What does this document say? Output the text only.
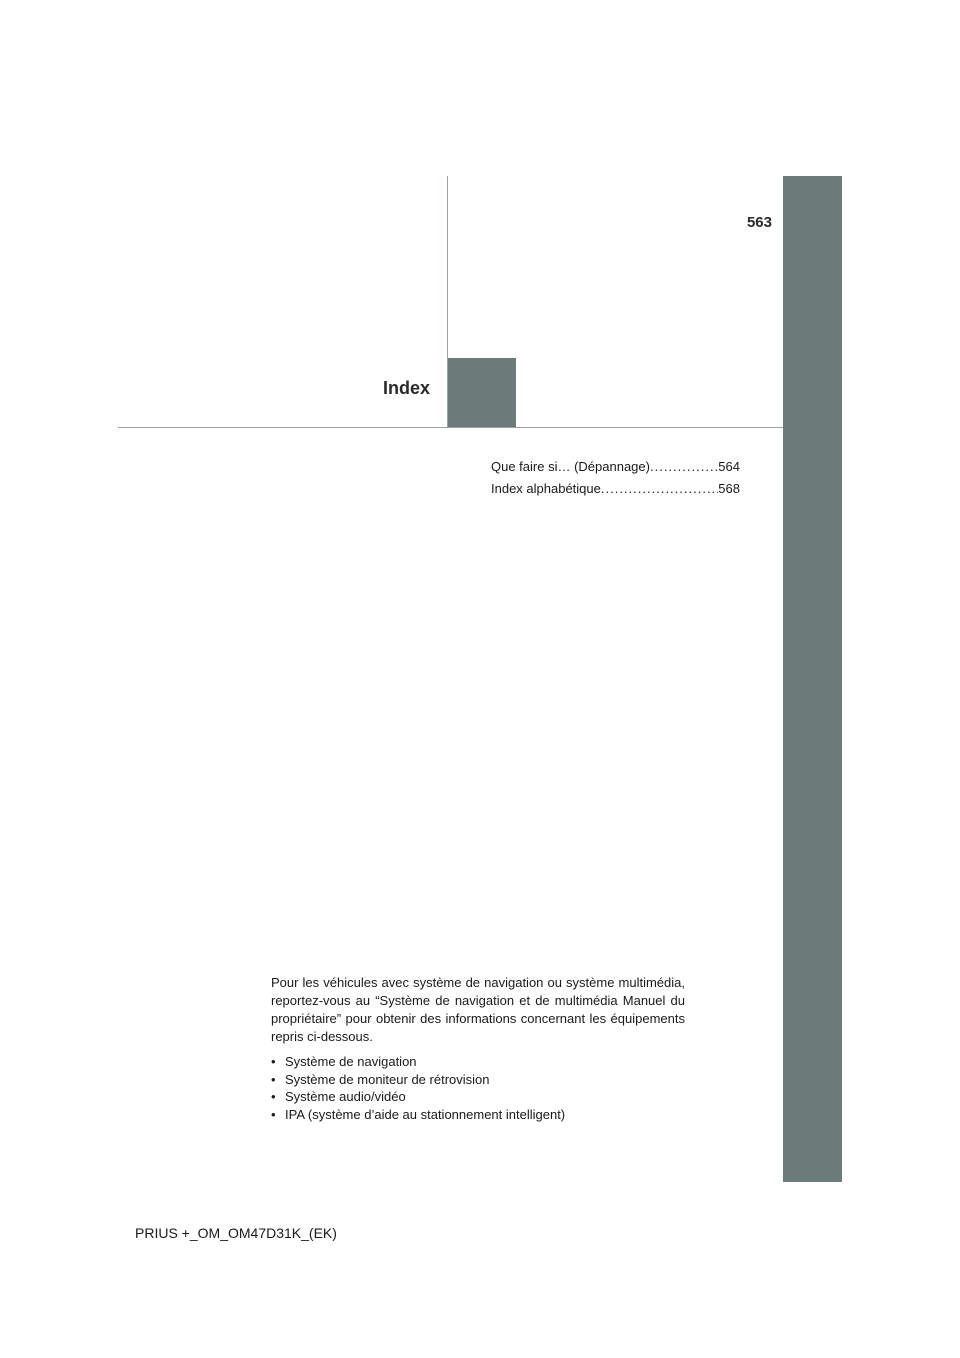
563
Index
Que faire si… (Dépannage) .....	564
Index alphabétique .....	568

Pour les véhicules avec système de navigation ou système multimédia, reportez-vous au “Système de navigation et de multimédia Manuel du propriétaire” pour obtenir des informations concernant les équipements repris ci-dessous.

• Système de navigation
• Système de moniteur de rétrovision
• Système audio/vidéo
• IPA (système d’aide au stationnement intelligent)
PRIUS +_OM_OM47D31K_(EK)
